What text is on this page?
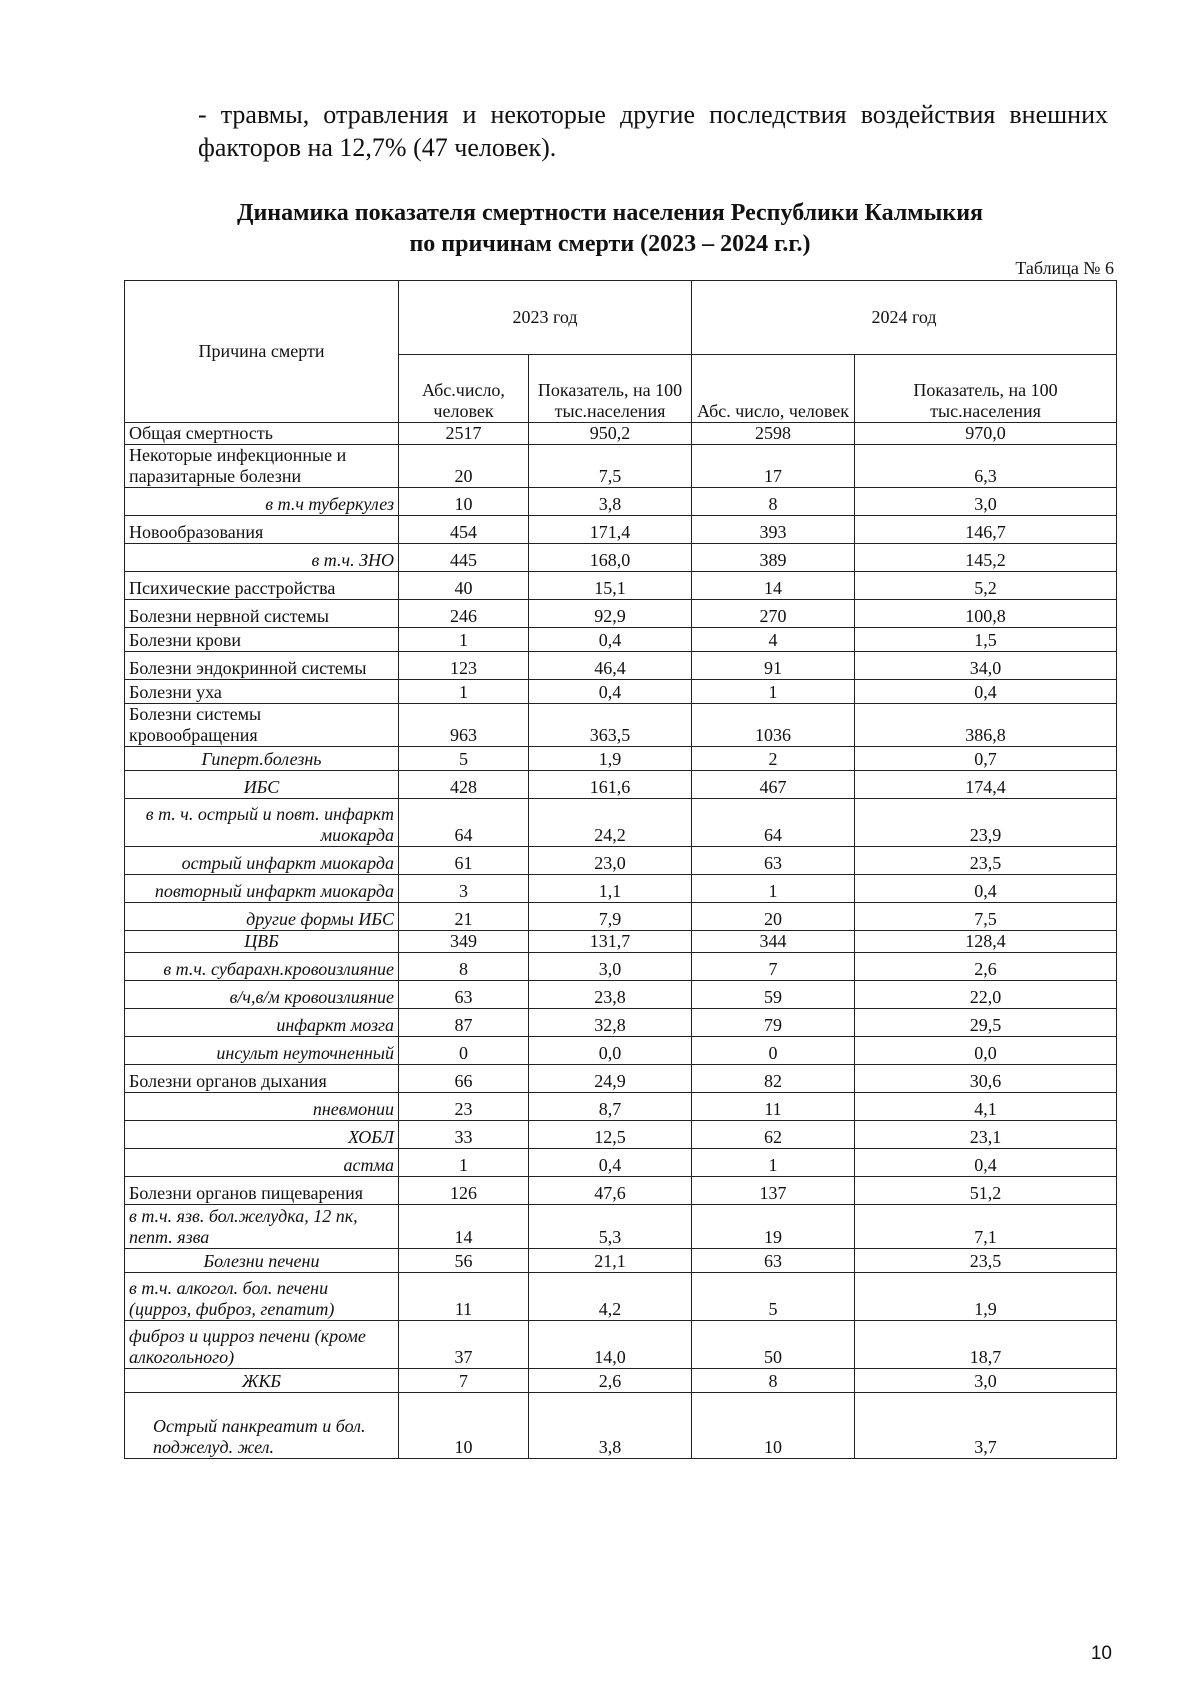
- травмы, отравления и некоторые другие последствия воздействия внешних факторов на 12,7% (47 человек).
Динамика показателя смертности населения Республики Калмыкия
по причинам смерти (2023 – 2024 г.г.)
Таблица № 6
Причина смерти	2023 год		2024 год	
	Абс.число, человек	Показатель, на 100 тыс.населения	Абс. число, человек	Показатель, на 100 тыс.населения
Общая смертность	2517	950,2	2598	970,0
Некоторые инфекционные и паразитарные болезни	20	7,5	17	6,3
в т.ч туберкулез	10	3,8	8	3,0
Новообразования	454	171,4	393	146,7
в т.ч. ЗНО	445	168,0	389	145,2
Психические расстройства	40	15,1	14	5,2
Болезни нервной системы	246	92,9	270	100,8
Болезни крови	1	0,4	4	1,5
Болезни эндокринной системы	123	46,4	91	34,0
Болезни уха	1	0,4	1	0,4
Болезни системы кровообращения	963	363,5	1036	386,8
Гиперт.болезнь	5	1,9	2	0,7
ИБС	428	161,6	467	174,4
в т. ч. острый и повт. инфаркт миокарда	64	24,2	64	23,9
острый инфаркт миокарда	61	23,0	63	23,5
повторный инфаркт миокарда	3	1,1	1	0,4
другие формы ИБС	21	7,9	20	7,5
ЦВБ	349	131,7	344	128,4
в т.ч. субарахн.кровоизлияние	8	3,0	7	2,6
в/ч,в/м кровоизлияние	63	23,8	59	22,0
инфаркт мозга	87	32,8	79	29,5
инсульт неуточненный	0	0,0	0	0,0
Болезни органов дыхания	66	24,9	82	30,6
пневмонии	23	8,7	11	4,1
ХОБЛ	33	12,5	62	23,1
астма	1	0,4	1	0,4
Болезни органов пищеварения	126	47,6	137	51,2
в т.ч. язв. бол.желудка, 12 пк, пепт. язва	14	5,3	19	7,1
Болезни печени	56	21,1	63	23,5
в т.ч. алкогол. бол. печени (цирроз, фиброз, гепатит)	11	4,2	5	1,9
фиброз и цирроз печени (кроме алкогольного)	37	14,0	50	18,7
ЖКБ	7	2,6	8	3,0
Острый панкреатит и бол. поджелуд. жел.	10	3,8	10	3,7
10
